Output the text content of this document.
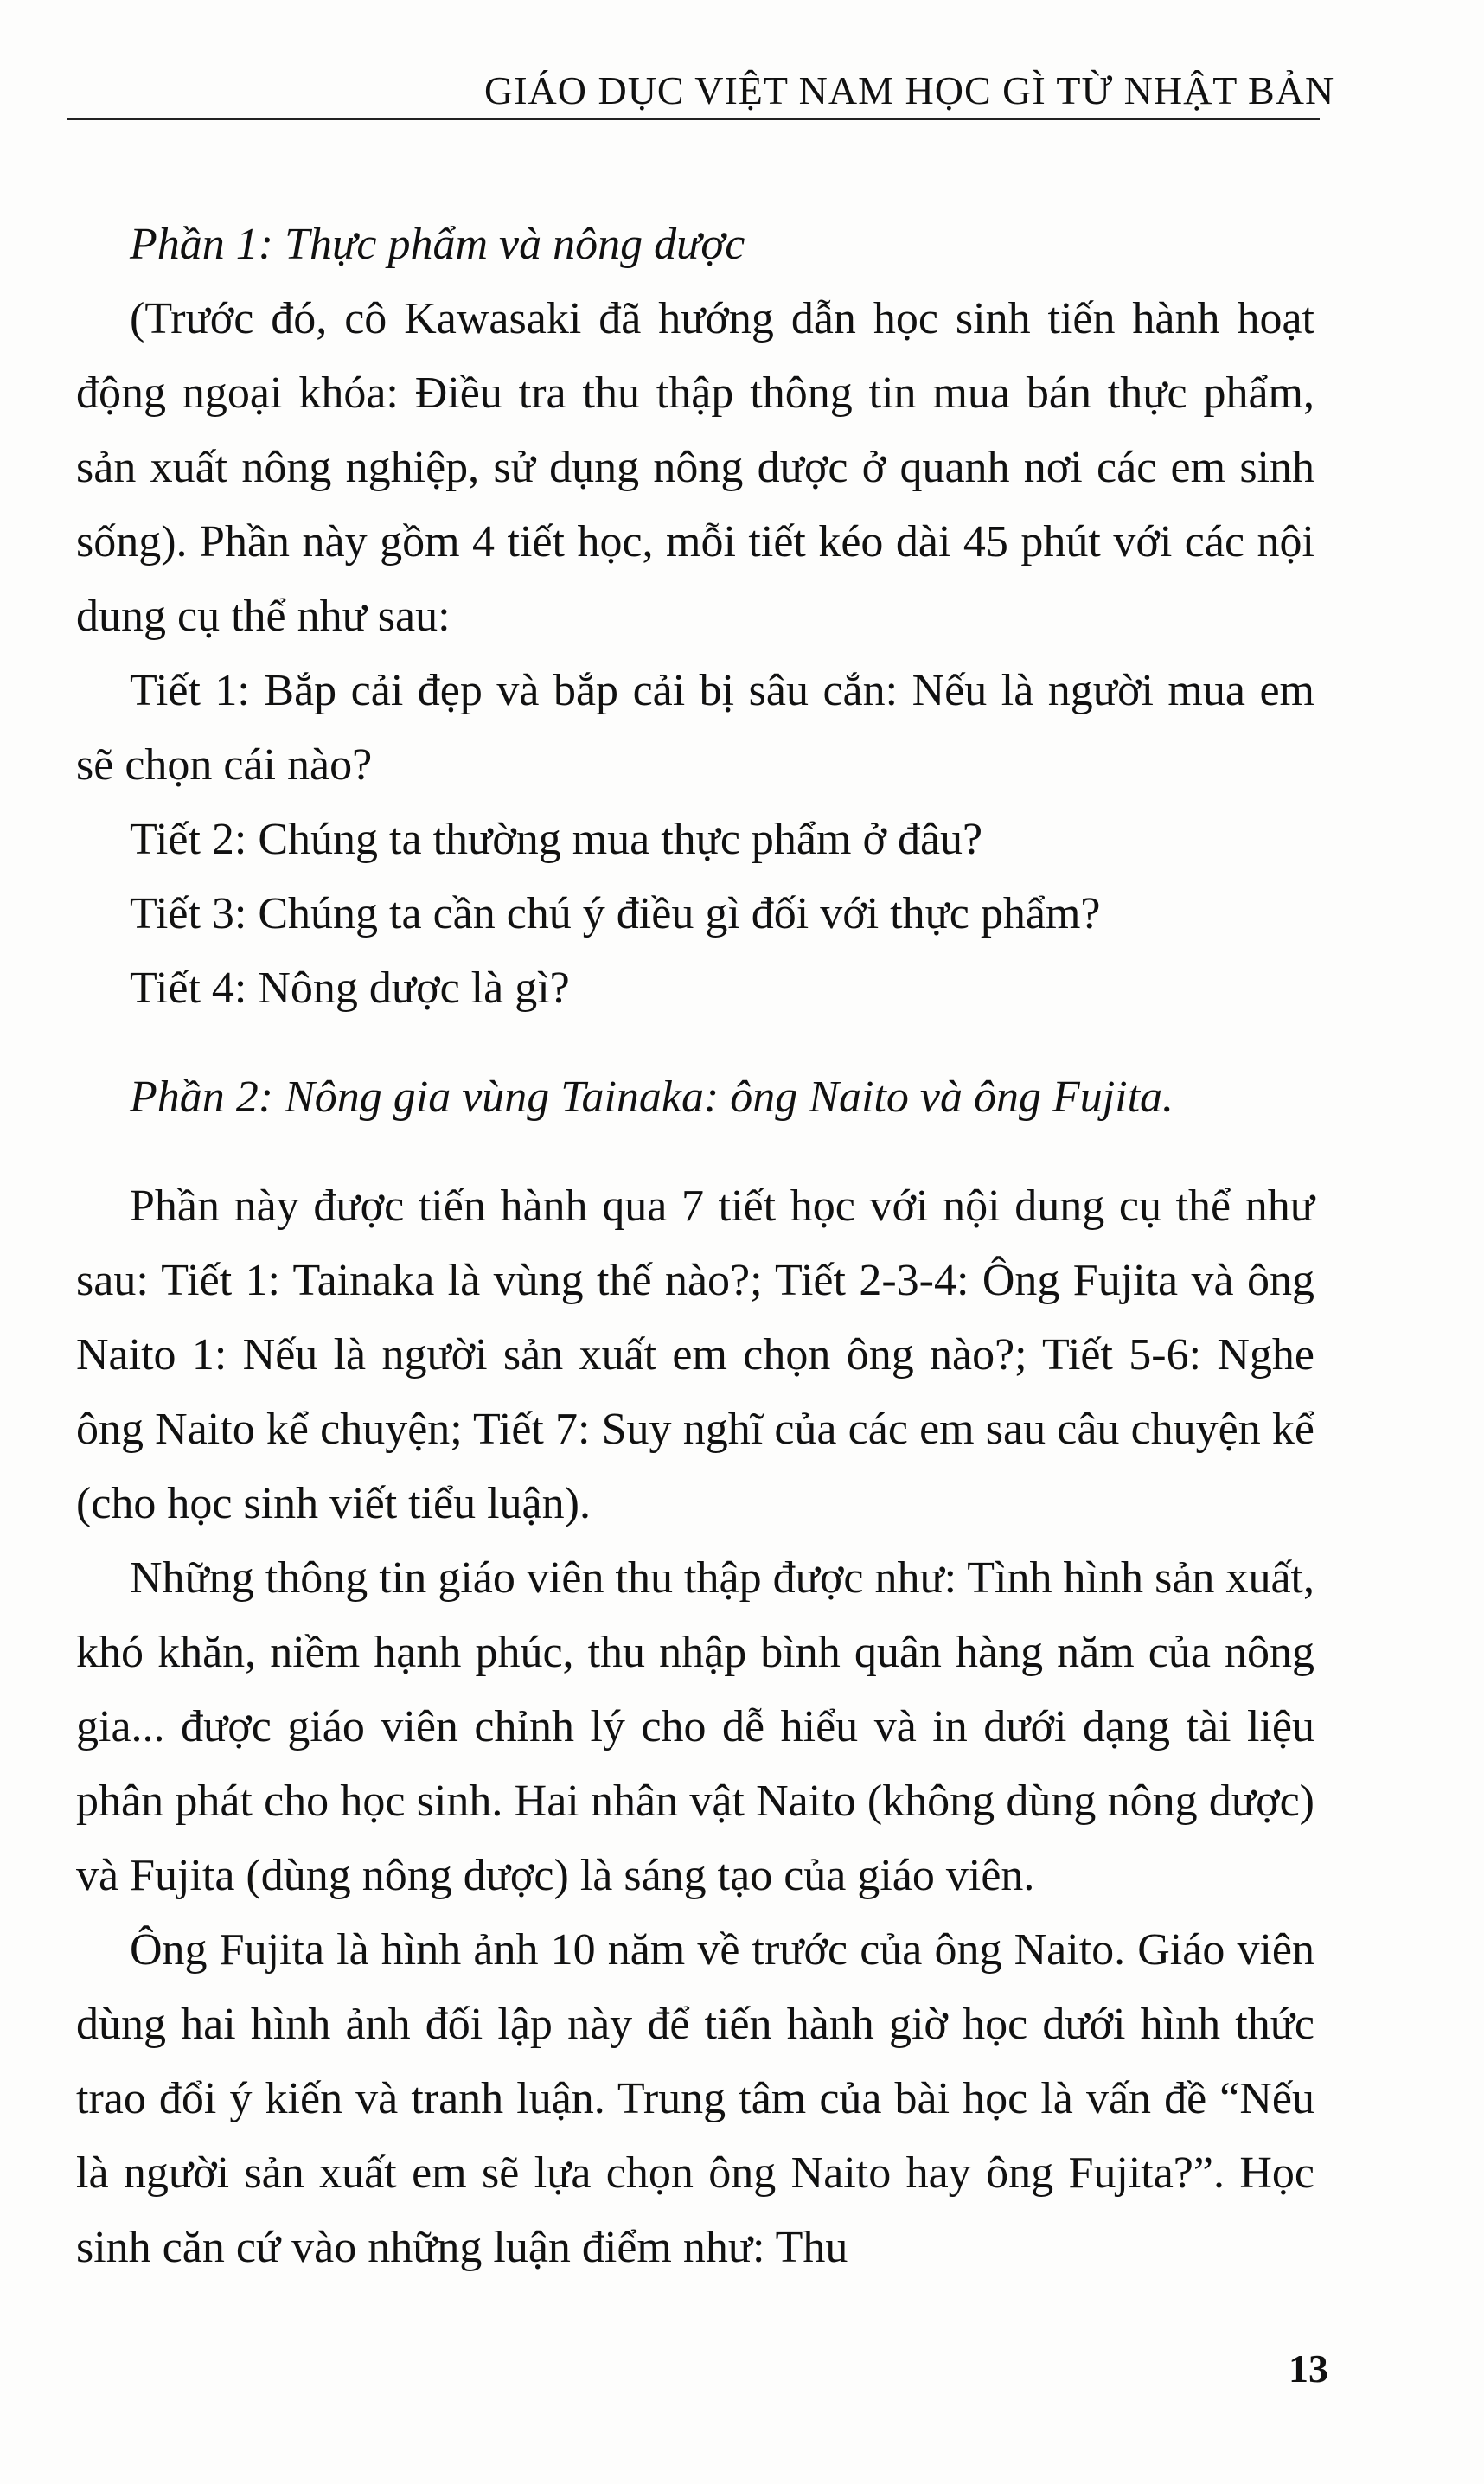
GIÁO DỤC VIỆT NAM HỌC GÌ TỪ NHẬT BẢN

Phần 1: Thực phẩm và nông dược

(Trước đó, cô Kawasaki đã hướng dẫn học sinh tiến hành hoạt động ngoại khóa: Điều tra thu thập thông tin mua bán thực phẩm, sản xuất nông nghiệp, sử dụng nông dược ở quanh nơi các em sinh sống). Phần này gồm 4 tiết học, mỗi tiết kéo dài 45 phút với các nội dung cụ thể như sau:

Tiết 1: Bắp cải đẹp và bắp cải bị sâu cắn: Nếu là người mua em sẽ chọn cái nào?

Tiết 2: Chúng ta thường mua thực phẩm ở đâu?

Tiết 3: Chúng ta cần chú ý điều gì đối với thực phẩm?

Tiết 4: Nông dược là gì?

Phần 2: Nông gia vùng Tainaka: ông Naito và ông Fujita.

Phần này được tiến hành qua 7 tiết học với nội dung cụ thể như sau: Tiết 1: Tainaka là vùng thế nào?; Tiết 2-3-4: Ông Fujita và ông Naito 1: Nếu là người sản xuất em chọn ông nào?; Tiết 5-6: Nghe ông Naito kể chuyện; Tiết 7: Suy nghĩ của các em sau câu chuyện kể (cho học sinh viết tiểu luận).

Những thông tin giáo viên thu thập được như: Tình hình sản xuất, khó khăn, niềm hạnh phúc, thu nhập bình quân hàng năm của nông gia... được giáo viên chỉnh lý cho dễ hiểu và in dưới dạng tài liệu phân phát cho học sinh. Hai nhân vật Naito (không dùng nông dược) và Fujita (dùng nông dược) là sáng tạo của giáo viên.

Ông Fujita là hình ảnh 10 năm về trước của ông Naito. Giáo viên dùng hai hình ảnh đối lập này để tiến hành giờ học dưới hình thức trao đổi ý kiến và tranh luận. Trung tâm của bài học là vấn đề “Nếu là người sản xuất em sẽ lựa chọn ông Naito hay ông Fujita?”. Học sinh căn cứ vào những luận điểm như: Thu

13
